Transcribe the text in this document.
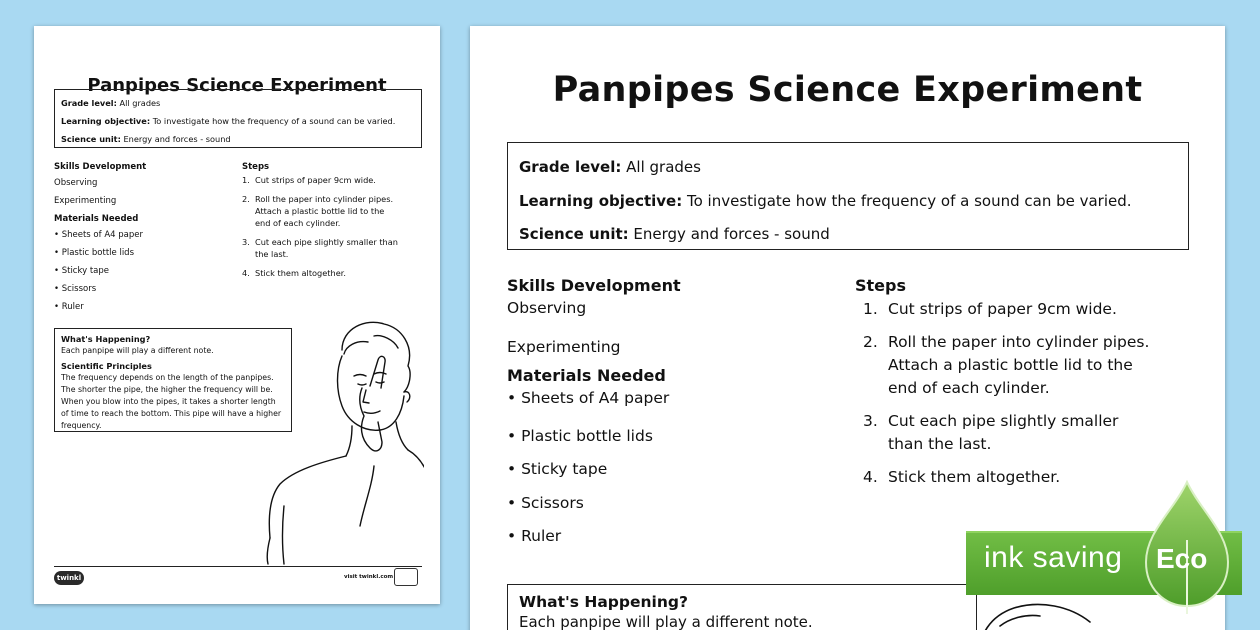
Panpipes Science Experiment

Grade level: All grades

Learning objective: To investigate how the frequency of a sound can be varied.

Science unit: Energy and forces - sound

Skills Development

Observing

Experimenting

Materials Needed
• Sheets of A4 paper
• Plastic bottle lids
• Sticky tape
• Scissors
• Ruler
Steps
1. Cut strips of paper 9cm wide.
2. Roll the paper into cylinder pipes. Attach a plastic bottle lid to the end of each cylinder.
3. Cut each pipe slightly smaller than the last.
4. Stick them altogether.
What's Happening?

Each panpipe will play a different note.

Scientific Principles

The frequency depends on the length of the panpipes. The shorter the pipe, the higher the frequency will be. When you blow into the pipes, it takes a shorter length of time to reach the bottom. This pipe will have a higher frequency.

twinkl	visit twinkl.com
Panpipes Science Experiment

Grade level: All grades

Learning objective: To investigate how the frequency of a sound can be varied.

Science unit: Energy and forces - sound

Skills Development

Observing

Experimenting

Materials Needed
• Sheets of A4 paper
• Plastic bottle lids
• Sticky tape
• Scissors
• Ruler
Steps
1. Cut strips of paper 9cm wide.
2. Roll the paper into cylinder pipes. Attach a plastic bottle lid to the end of each cylinder.
3. Cut each pipe slightly smaller than the last.
4. Stick them altogether.
What's Happening?

Each panpipe will play a different note.

ink saving Eco
